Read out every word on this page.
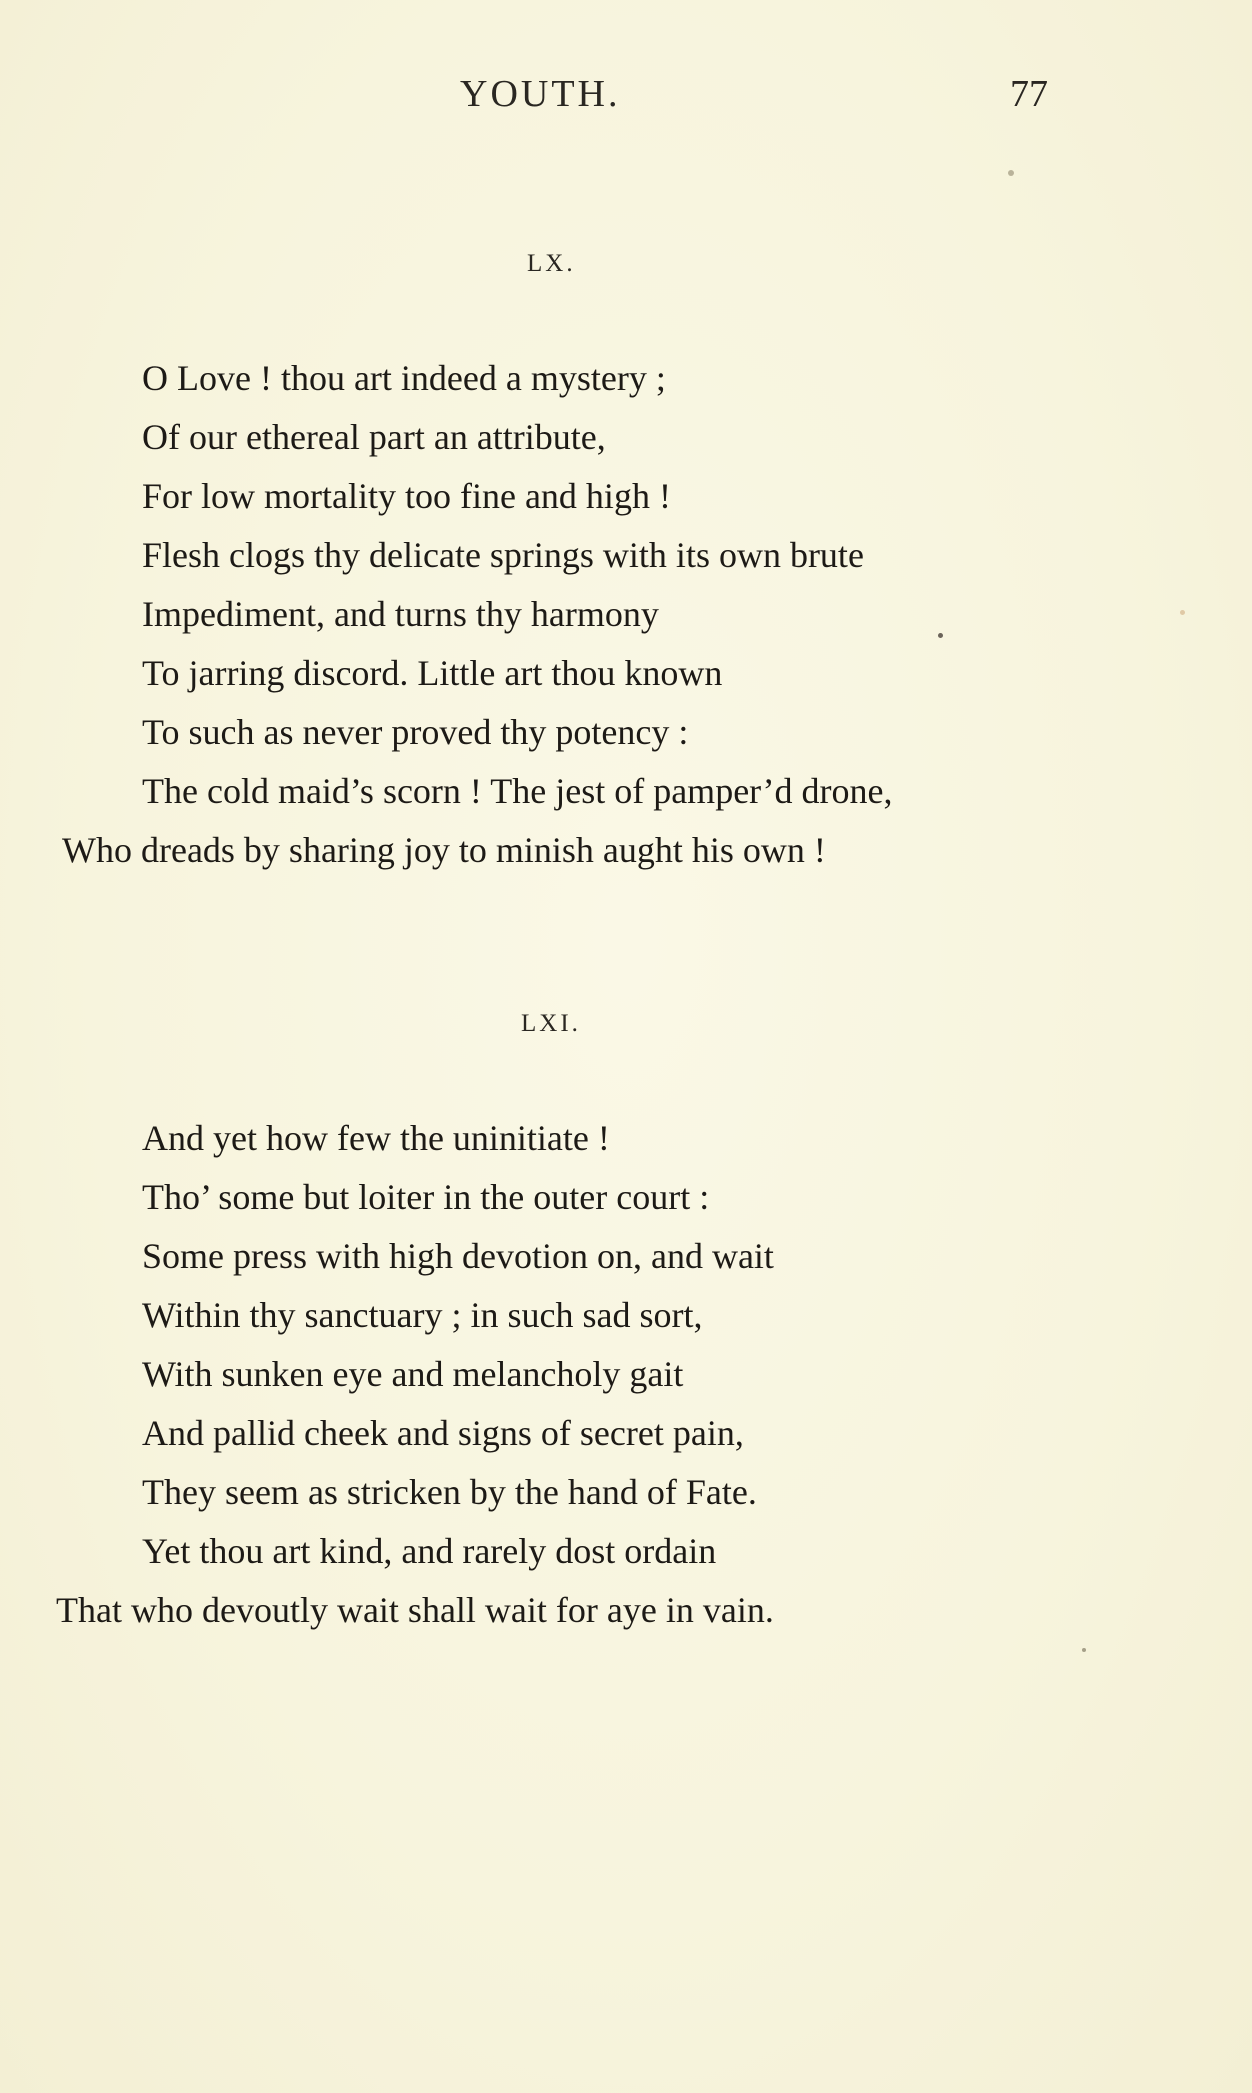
YOUTH.	77
LX.
O Love ! thou art indeed a mystery ;
Of our ethereal part an attribute,
For low mortality too fine and high !
Flesh clogs thy delicate springs with its own brute
Impediment, and turns thy harmony
To jarring discord. Little art thou known
To such as never proved thy potency :
The cold maid’s scorn ! The jest of pamper’d drone,
Who dreads by sharing joy to minish aught his own !
LXI.
And yet how few the uninitiate !
Tho’ some but loiter in the outer court :
Some press with high devotion on, and wait
Within thy sanctuary ; in such sad sort,
With sunken eye and melancholy gait
And pallid cheek and signs of secret pain,
They seem as stricken by the hand of Fate.
Yet thou art kind, and rarely dost ordain
That who devoutly wait shall wait for aye in vain.
